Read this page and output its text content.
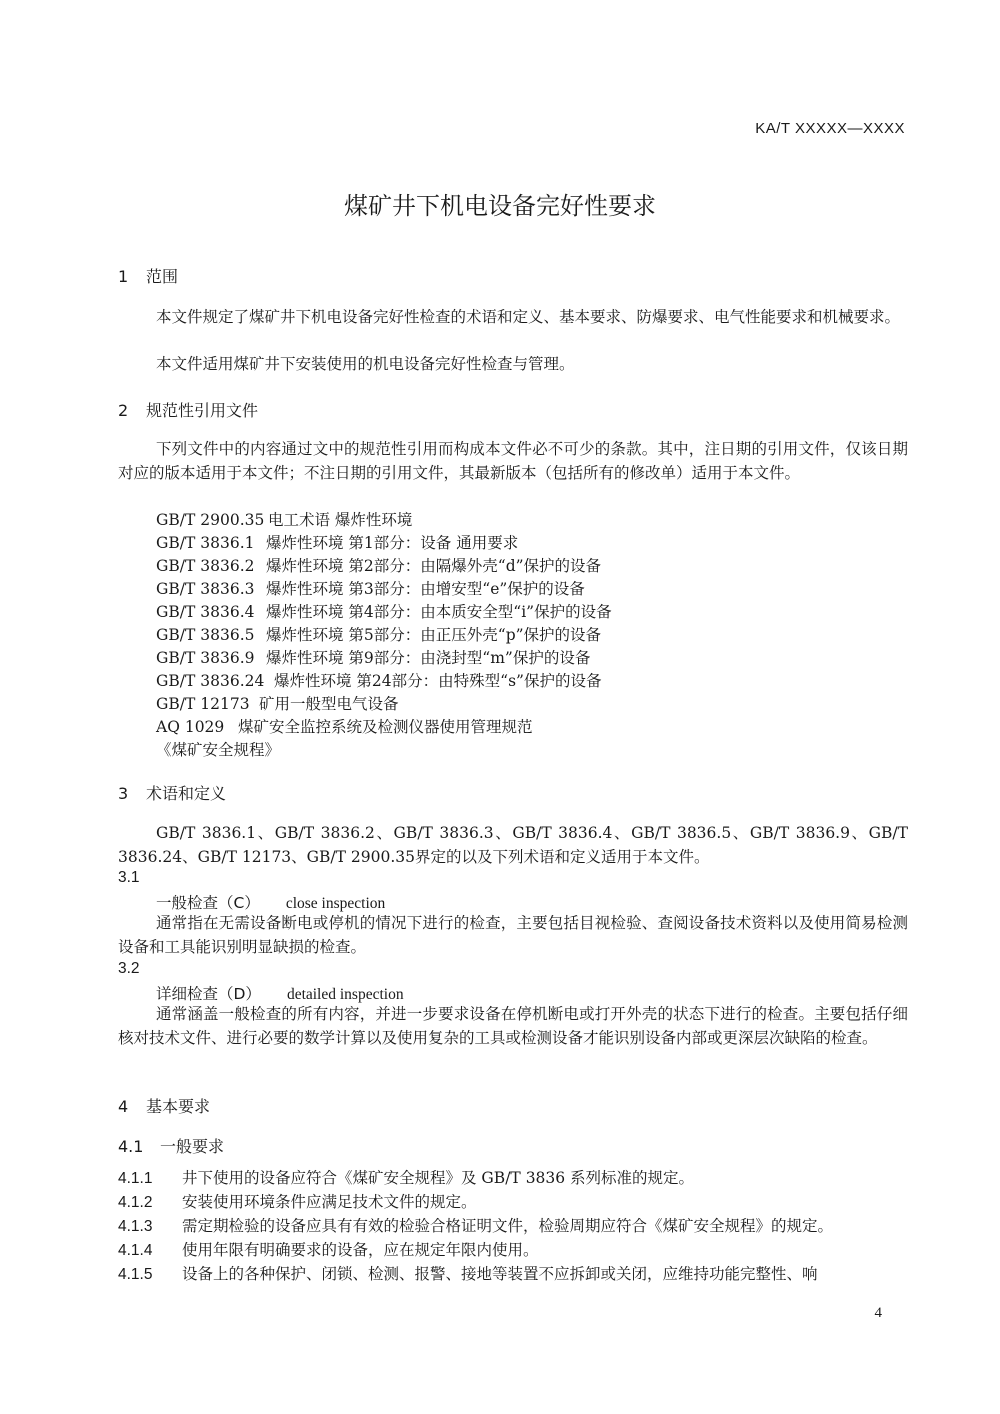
KA/T XXXXX—XXXX
煤矿井下机电设备完好性要求
1 范围
本文件规定了煤矿井下机电设备完好性检查的术语和定义、基本要求、防爆要求、电气性能要求和机械要求。
本文件适用煤矿井下安装使用的机电设备完好性检查与管理。
2 规范性引用文件
下列文件中的内容通过文中的规范性引用而构成本文件必不可少的条款。其中，注日期的引用文件，仅该日期对应的版本适用于本文件；不注日期的引用文件，其最新版本（包括所有的修改单）适用于本文件。
GB/T 2900.35 电工术语 爆炸性环境
GB/T 3836.1 爆炸性环境 第1部分：设备 通用要求
GB/T 3836.2 爆炸性环境 第2部分：由隔爆外壳“d”保护的设备
GB/T 3836.3 爆炸性环境 第3部分：由增安型“e”保护的设备
GB/T 3836.4 爆炸性环境 第4部分：由本质安全型“i”保护的设备
GB/T 3836.5 爆炸性环境 第5部分：由正压外壳“p”保护的设备
GB/T 3836.9 爆炸性环境 第9部分：由浇封型“m”保护的设备
GB/T 3836.24 爆炸性环境 第24部分：由特殊型“s”保护的设备
GB/T 12173 矿用一般型电气设备
AQ 1029 煤矿安全监控系统及检测仪器使用管理规范
《煤矿安全规程》
3 术语和定义
GB/T 3836.1、GB/T 3836.2、GB/T 3836.3、GB/T 3836.4、GB/T 3836.5、GB/T 3836.9、GB/T 3836.24、GB/T 12173、GB/T 2900.35界定的以及下列术语和定义适用于本文件。
3.1
一般检查（C） close inspection
通常指在无需设备断电或停机的情况下进行的检查，主要包括目视检验、查阅设备技术资料以及使用简易检测设备和工具能识别明显缺损的检查。
3.2
详细检查（D） detailed inspection
通常涵盖一般检查的所有内容，并进一步要求设备在停机断电或打开外壳的状态下进行的检查。主要包括仔细核对技术文件、进行必要的数学计算以及使用复杂的工具或检测设备才能识别设备内部或更深层次缺陷的检查。
4 基本要求
4.1 一般要求
4.1.1 井下使用的设备应符合《煤矿安全规程》及 GB/T 3836 系列标准的规定。
4.1.2 安装使用环境条件应满足技术文件的规定。
4.1.3 需定期检验的设备应具有有效的检验合格证明文件，检验周期应符合《煤矿安全规程》的规定。
4.1.4 使用年限有明确要求的设备，应在规定年限内使用。
4.1.5 设备上的各种保护、闭锁、检测、报警、接地等装置不应拆卸或关闭，应维持功能完整性、响
4
